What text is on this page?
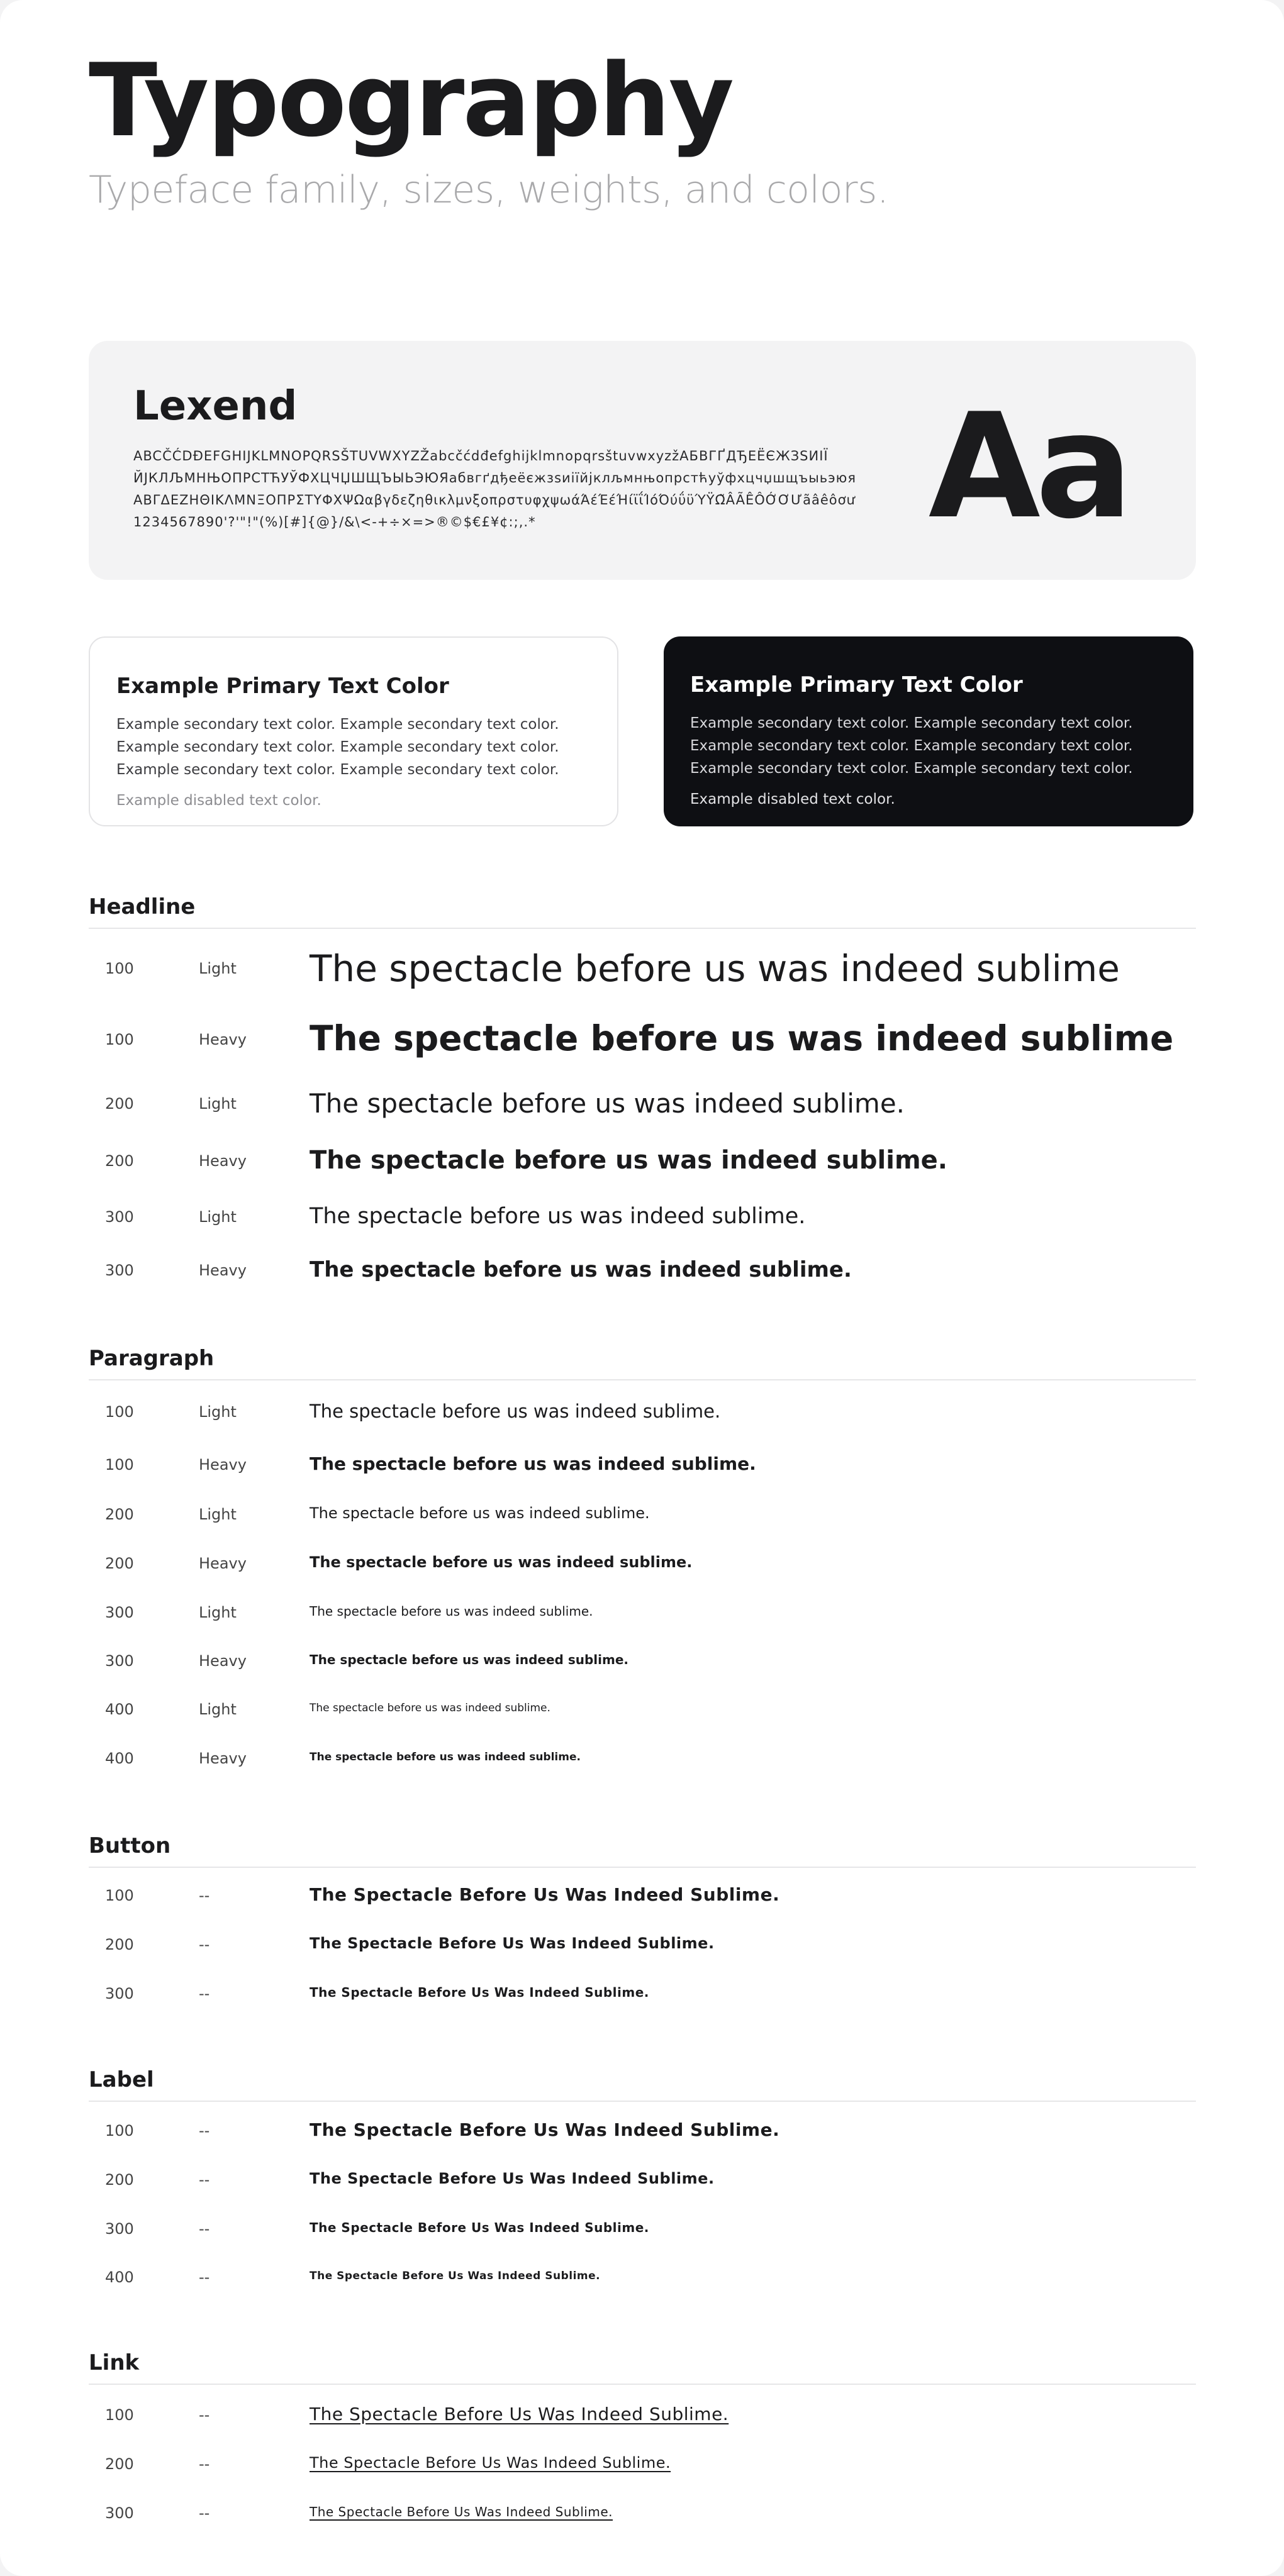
Typography

Typeface family, sizes, weights, and colors.

Lexend
ABCČĆDĐEFGHIJKLMNOPQRSŠTUVWXYZŽabcčćdđefghijklmnopqrsštuvwxyzžАБВГҐДЂЕЁЄЖЗЅИІЇ
ЙЈКЛЉМНЊОПРСТЋУЎФХЦЧЏШЩЪЫЬЭЮЯабвгґдђеёєжзѕиіїйјклљмнњопрстћуўфхцчџшщъыьэюя
ΑΒΓΔΕΖΗΘΙΚΛΜΝΞΟΠΡΣΤΥΦΧΨΩαβγδεζηθικλμνξοπρστυφχψωάΆέΈέΉίϊΐΊόΌύΰϋΎΫΩ̃ÂÃÊÔỚƠƯãâêôơư
1234567890'?'"!"(%)[#]{@}/&\<-+÷×=>®©$€£¥¢:;,.*	Aa
Example Primary Text Color
Example secondary text color. Example secondary text color. Example secondary text color. Example secondary text color. Example secondary text color. Example secondary text color.
Example disabled text color.
Example Primary Text Color
Example secondary text color. Example secondary text color. Example secondary text color. Example secondary text color. Example secondary text color. Example secondary text color.
Example disabled text color.
Headline
100	Light The spectacle before us was indeed sublime
100	Heavy The spectacle before us was indeed sublime
200	Light	The spectacle before us was indeed sublime.
200	Heavy	The spectacle before us was indeed sublime.
300	Light	The spectacle before us was indeed sublime.
300	Heavy	The spectacle before us was indeed sublime.
Paragraph
100	Light	The spectacle before us was indeed sublime.
100	Heavy	The spectacle before us was indeed sublime.
200	Light	The spectacle before us was indeed sublime.
200	Heavy	The spectacle before us was indeed sublime.
300	Light	The spectacle before us was indeed sublime.
300	Heavy	The spectacle before us was indeed sublime.
400	Light	The spectacle before us was indeed sublime.
400	Heavy	The spectacle before us was indeed sublime.
Button
100	--	The Spectacle Before Us Was Indeed Sublime.
200	--	The Spectacle Before Us Was Indeed Sublime.
300	--	The Spectacle Before Us Was Indeed Sublime.
Label
100	--	The Spectacle Before Us Was Indeed Sublime.
200	--	The Spectacle Before Us Was Indeed Sublime.
300	--	The Spectacle Before Us Was Indeed Sublime.
400	--	The Spectacle Before Us Was Indeed Sublime.
Link
100	--	The Spectacle Before Us Was Indeed Sublime.
200	--	The Spectacle Before Us Was Indeed Sublime.
300	--	The Spectacle Before Us Was Indeed Sublime.
